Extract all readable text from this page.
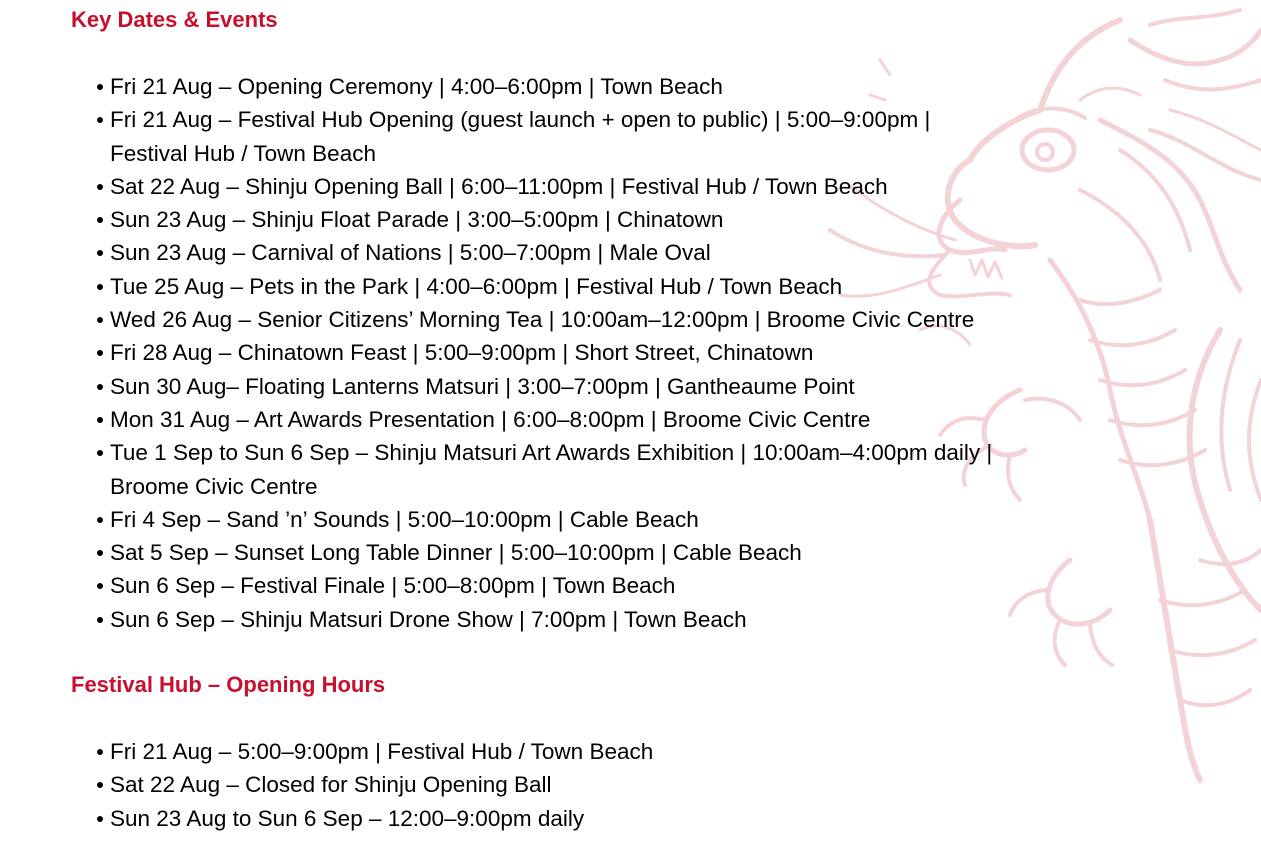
Key Dates & Events
Fri 21 Aug – Opening Ceremony | 4:00–6:00pm | Town Beach
Fri 21 Aug – Festival Hub Opening (guest launch + open to public) | 5:00–9:00pm |
Festival Hub / Town Beach
Sat 22 Aug – Shinju Opening Ball | 6:00–11:00pm | Festival Hub / Town Beach
Sun 23 Aug – Shinju Float Parade | 3:00–5:00pm | Chinatown
Sun 23 Aug – Carnival of Nations | 5:00–7:00pm | Male Oval
Tue 25 Aug – Pets in the Park | 4:00–6:00pm | Festival Hub / Town Beach
Wed 26 Aug – Senior Citizens’ Morning Tea | 10:00am–12:00pm | Broome Civic Centre
Fri 28 Aug – Chinatown Feast | 5:00–9:00pm | Short Street, Chinatown
Sun 30 Aug– Floating Lanterns Matsuri | 3:00–7:00pm | Gantheaume Point
Mon 31 Aug – Art Awards Presentation | 6:00–8:00pm | Broome Civic Centre
Tue 1 Sep to Sun 6 Sep – Shinju Matsuri Art Awards Exhibition | 10:00am–4:00pm daily |
Broome Civic Centre
Fri 4 Sep – Sand ’n’ Sounds | 5:00–10:00pm | Cable Beach
Sat 5 Sep – Sunset Long Table Dinner | 5:00–10:00pm | Cable Beach
Sun 6 Sep – Festival Finale | 5:00–8:00pm | Town Beach
Sun 6 Sep – Shinju Matsuri Drone Show | 7:00pm | Town Beach
Festival Hub – Opening Hours
Fri 21 Aug – 5:00–9:00pm | Festival Hub / Town Beach
Sat 22 Aug – Closed for Shinju Opening Ball
Sun 23 Aug to Sun 6 Sep – 12:00–9:00pm daily
